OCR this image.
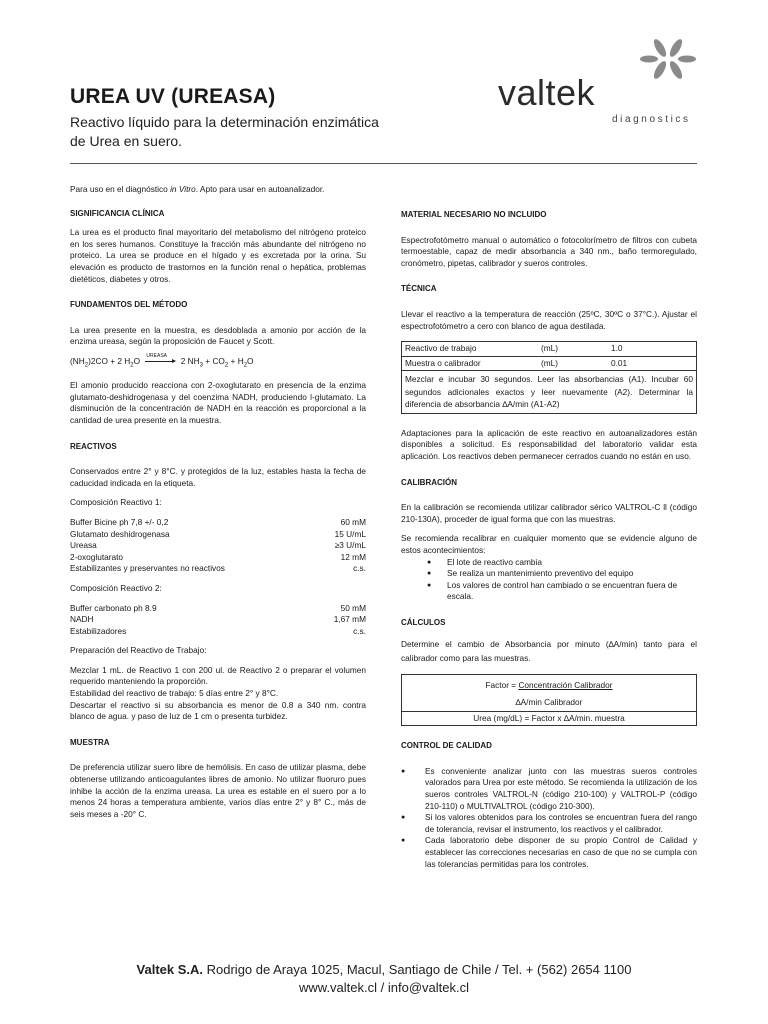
UREA UV (UREASA)
Reactivo líquido para la determinación enzimática de Urea en suero.
valtek
diagnostics

Para uso en el diagnóstico in Vitro. Apto para usar en autoanalizador.

SIGNIFICANCIA CLÍNICA

La urea es el producto final mayoritario del metabolismo del nitrógeno proteico en los seres humanos. Constituye la fracción más abundante del nitrógeno no proteico. La urea se produce en el hígado y es excretada por la orina. Su elevación es producto de trastornos en la función renal o hepática, problemas dietéticos, diabetes y otros.

FUNDAMENTOS DEL MÉTODO

La urea presente en la muestra, es desdoblada a amonio por acción de la enzima ureasa, según la proposición de Faucet y Scott.

$(NH_2)2CO + 2$ $H_2O$ UREASA 2 $NH_3 + CO_2 + H_2O$

El amonio producido reacciona con 2-oxoglutarato en presencia de la enzima glutamato-deshidrogenasa y del coenzima NADH, produciendo l-glutamato. La disminución de la concentración de NADH en la reacción es proporcional a la cantidad de urea presente en la muestra.

REACTIVOS

Conservados entre 2° y 8°C. y protegidos de la luz, estables hasta la fecha de caducidad indicada en la etiqueta.

Composición Reactivo 1:

Buffer Bicine ph 7,8 +/- 0,2	60 mM
Glutamato deshidrogenasa	15 U/mL
Ureasa	≥3 U/mL
2-oxoglutarato	12 mM
Estabilizantes y preservantes no reactivos	c.s.

Composición Reactivo 2:

Buffer carbonato ph 8.9	50 mM
NADH	1,67 mM
Estabilizadores	c.s.

Preparación del Reactivo de Trabajo:

Mezclar 1 mL. de Reactivo 1 con 200 ul. de Reactivo 2 o preparar el volumen requerido manteniendo la proporción.

Estabilidad del reactivo de trabajo: 5 días entre 2° y 8°C.

Descartar el reactivo si su absorbancia es menor de 0.8 a 340 nm. contra blanco de agua. y paso de luz de 1 cm o presenta turbidez.

MUESTRA

De preferencia utilizar suero libre de hemólisis. En caso de utilizar plasma, debe obtenerse utilizando anticoagulantes libres de amonio. No utilizar fluoruro pues inhibe la acción de la enzima ureasa. La urea es estable en el suero por a lo menos 24 horas a temperatura ambiente, varios días entre 2° y 8° C., más de seis meses a -20° C.

MATERIAL NECESARIO NO INCLUIDO

Espectrofotómetro manual o automático o fotocolorímetro de filtros con cubeta termoestable, capaz de medir absorbancia a 340 nm., baño termoregulado, cronómetro, pipetas, calibrador y sueros controles.

TÉCNICA

Llevar el reactivo a la temperatura de reacción (25ºC, 30ºC o 37°C.). Ajustar el espectrofotómetro a cero con blanco de agua destilada.

Reactivo de trabajo	(mL)	1.0
Muestra o calibrador	(mL)	0.01
Mezclar e incubar 30 segundos. Leer las absorbancias (A1). Incubar 60 segundos adicionales exactos y leer nuevamente (A2). Determinar la diferencia de absorbancia ∆A/min (A1-A2)

Adaptaciones para la aplicación de este reactivo en autoanalizadores están disponibles a solicitud. Es responsabilidad del laboratorio validar esta aplicación. Los reactivos deben permanecer cerrados cuando no están en uso.

CALIBRACIÓN

En la calibración se recomienda utilizar calibrador sérico VALTROL-C ll (código 210-130A), proceder de igual forma que con las muestras.

Se recomienda recalibrar en cualquier momento que se evidencie alguno de estos acontecimientos:

● El lote de reactivo cambia
● Se realiza un mantenimiento preventivo del equipo
● Los valores de control han cambiado o se encuentran fuera de escala.

CÁLCULOS

Determine el cambio de Absorbancia por minuto (∆A/min) tanto para el calibrador como para las muestras.

Factor = Concentración Calibrador
∆A/min Calibrador
Urea (mg/dL) = Factor x ∆A/min. muestra

CONTROL DE CALIDAD

● Es conveniente analizar junto con las muestras sueros controles valorados para Urea por este método. Se recomienda la utilización de los sueros controles VALTROL-N (código 210-100) y VALTROL-P (código 210-110) o MULTIVALTROL (código 210-300).
● Si los valores obtenidos para los controles se encuentran fuera del rango de tolerancia, revisar el instrumento, los reactivos y el calibrador.
● Cada laboratorio debe disponer de su propio Control de Calidad y establecer las correcciones necesarias en caso de que no se cumpla con las tolerancias permitidas para los controles.
Valtek S.A. Rodrigo de Araya 1025, Macul, Santiago de Chile / Tel. + (562) 2654 1100
www.valtek.cl / info@valtek.cl
